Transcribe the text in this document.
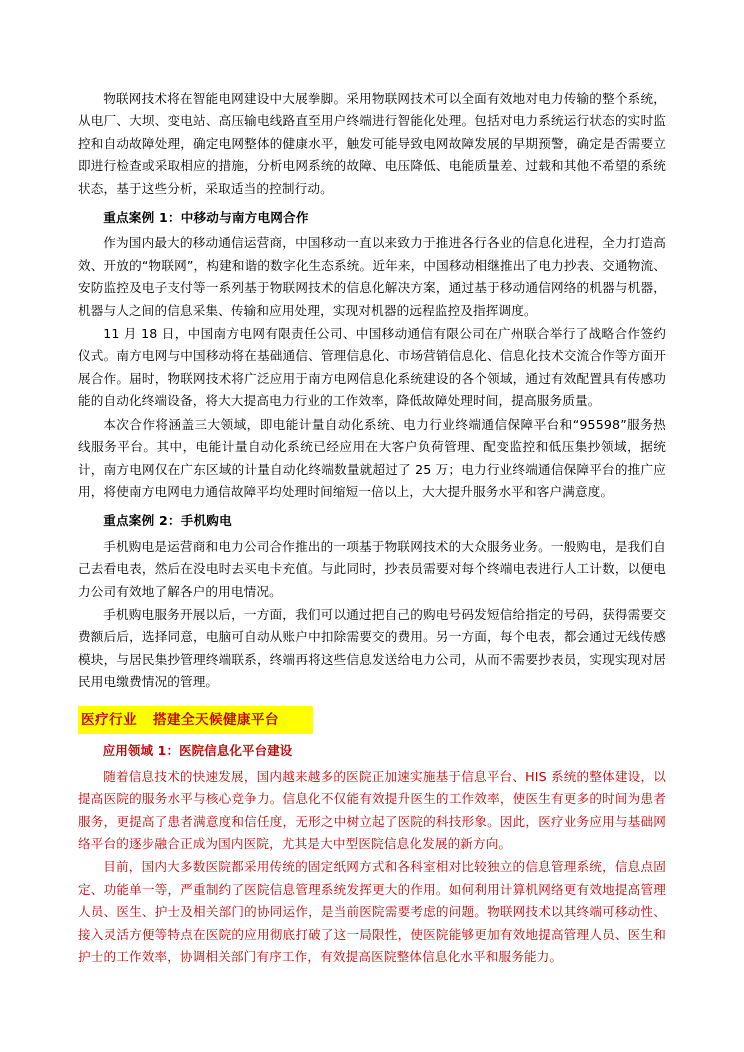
物联网技术将在智能电网建设中大展拳脚。采用物联网技术可以全面有效地对电力传输的整个系统，从电厂、大坝、变电站、高压输电线路直至用户终端进行智能化处理。包括对电力系统运行状态的实时监控和自动故障处理，确定电网整体的健康水平，触发可能导致电网故障发展的早期预警，确定是否需要立即进行检查或采取相应的措施，分析电网系统的故障、电压降低、电能质量差、过载和其他不希望的系统状态，基于这些分析，采取适当的控制行动。

重点案例 1：中移动与南方电网合作

作为国内最大的移动通信运营商，中国移动一直以来致力于推进各行各业的信息化进程，全力打造高效、开放的“物联网”，构建和谐的数字化生态系统。近年来，中国移动相继推出了电力抄表、交通物流、安防监控及电子支付等一系列基于物联网技术的信息化解决方案，通过基于移动通信网络的机器与机器，机器与人之间的信息采集、传输和应用处理，实现对机器的远程监控及指挥调度。

11 月 18 日，中国南方电网有限责任公司、中国移动通信有限公司在广州联合举行了战略合作签约仪式。南方电网与中国移动将在基础通信、管理信息化、市场营销信息化、信息化技术交流合作等方面开展合作。届时，物联网技术将广泛应用于南方电网信息化系统建设的各个领域，通过有效配置具有传感功能的自动化终端设备，将大大提高电力行业的工作效率，降低故障处理时间，提高服务质量。

本次合作将涵盖三大领域，即电能计量自动化系统、电力行业终端通信保障平台和“95598”服务热线服务平台。其中，电能计量自动化系统已经应用在大客户负荷管理、配变监控和低压集抄领域，据统计，南方电网仅在广东区域的计量自动化终端数量就超过了 25 万；电力行业终端通信保障平台的推广应用，将使南方电网电力通信故障平均处理时间缩短一倍以上，大大提升服务水平和客户满意度。

重点案例 2：手机购电

手机购电是运营商和电力公司合作推出的一项基于物联网技术的大众服务业务。一般购电，是我们自己去看电表，然后在没电时去买电卡充值。与此同时，抄表员需要对每个终端电表进行人工计数，以便电力公司有效地了解各户的用电情况。

手机购电服务开展以后，一方面，我们可以通过把自己的购电号码发短信给指定的号码，获得需要交费额后后，选择同意，电脑可自动从账户中扣除需要交的费用。另一方面，每个电表，都会通过无线传感模块，与居民集抄管理终端联系，终端再将这些信息发送给电力公司，从而不需要抄表员，实现实现对居民用电缴费情况的管理。

医疗行业 搭建全天候健康平台
应用领域 1：医院信息化平台建设

随着信息技术的快速发展，国内越来越多的医院正加速实施基于信息平台、HIS 系统的整体建设，以提高医院的服务水平与核心竞争力。信息化不仅能有效提升医生的工作效率，使医生有更多的时间为患者服务，更提高了患者满意度和信任度，无形之中树立起了医院的科技形象。因此，医疗业务应用与基础网络平台的逐步融合正成为国内医院，尤其是大中型医院信息化发展的新方向。

目前，国内大多数医院都采用传统的固定纸网方式和各科室相对比较独立的信息管理系统，信息点固定、功能单一等，严重制约了医院信息管理系统发挥更大的作用。如何利用计算机网络更有效地提高管理人员、医生、护士及相关部门的协同运作，是当前医院需要考虑的问题。物联网技术以其终端可移动性、接入灵活方便等特点在医院的应用彻底打破了这一局限性，使医院能够更加有效地提高管理人员、医生和护士的工作效率，协调相关部门有序工作，有效提高医院整体信息化水平和服务能力。
